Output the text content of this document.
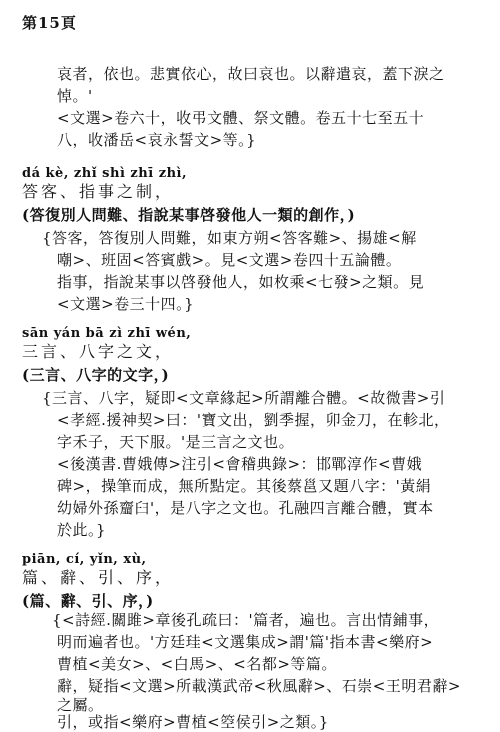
第15頁
哀者，依也。悲實依心，故曰哀也。以辭遣哀，蓋下淚之
悼。'
<文選>卷六十，收弔文體、祭文體。卷五十七至五十
八，收潘岳<哀永誓文>等。}
dá kè, zhǐ shì zhī zhì,
答客、指事之制，
(答復別人問難、指說某事啓發他人一類的創作，)
{答客，答復別人問難，如東方朔<答客難>、揚雄<解
嘲>、班固<答賓戲>。見<文選>卷四十五論體。
指事，指說某事以啓發他人，如枚乘<七發>之類。見
<文選>卷三十四。}
sān yán bā zì zhī wén,
三言、八字之文，
(三言、八字的文字，)
{三言、八字，疑即<文章緣起>所謂離合體。<故微書>引
<孝經.援神契>曰：'寶文出，劉季握，卯金刀，在軫北，
字禾子，天下服。'是三言之文也。
<後漢書.曹娥傳>注引<會稽典錄>：邯鄲淳作<曹娥
碑>，操筆而成，無所點定。其後蔡邕又題八字：'黃絹
幼婦外孫齏臼'，是八字之文也。孔融四言離合體，實本
於此。}
piān, cí, yǐn, xù,
篇、辭、引、序，
(篇、辭、引、序，)
{<詩經.關雎>章後孔疏曰：'篇者，遍也。言出情鋪事，
明而遍者也。'方廷珪<文選集成>謂'篇'指本書<樂府>
曹植<美女>、<白馬>、<名都>等篇。
辭，疑指<文選>所載漢武帝<秋風辭>、石崇<王明君辭>
之屬。
引，或指<樂府>曹植<箜侯引>之類。}
